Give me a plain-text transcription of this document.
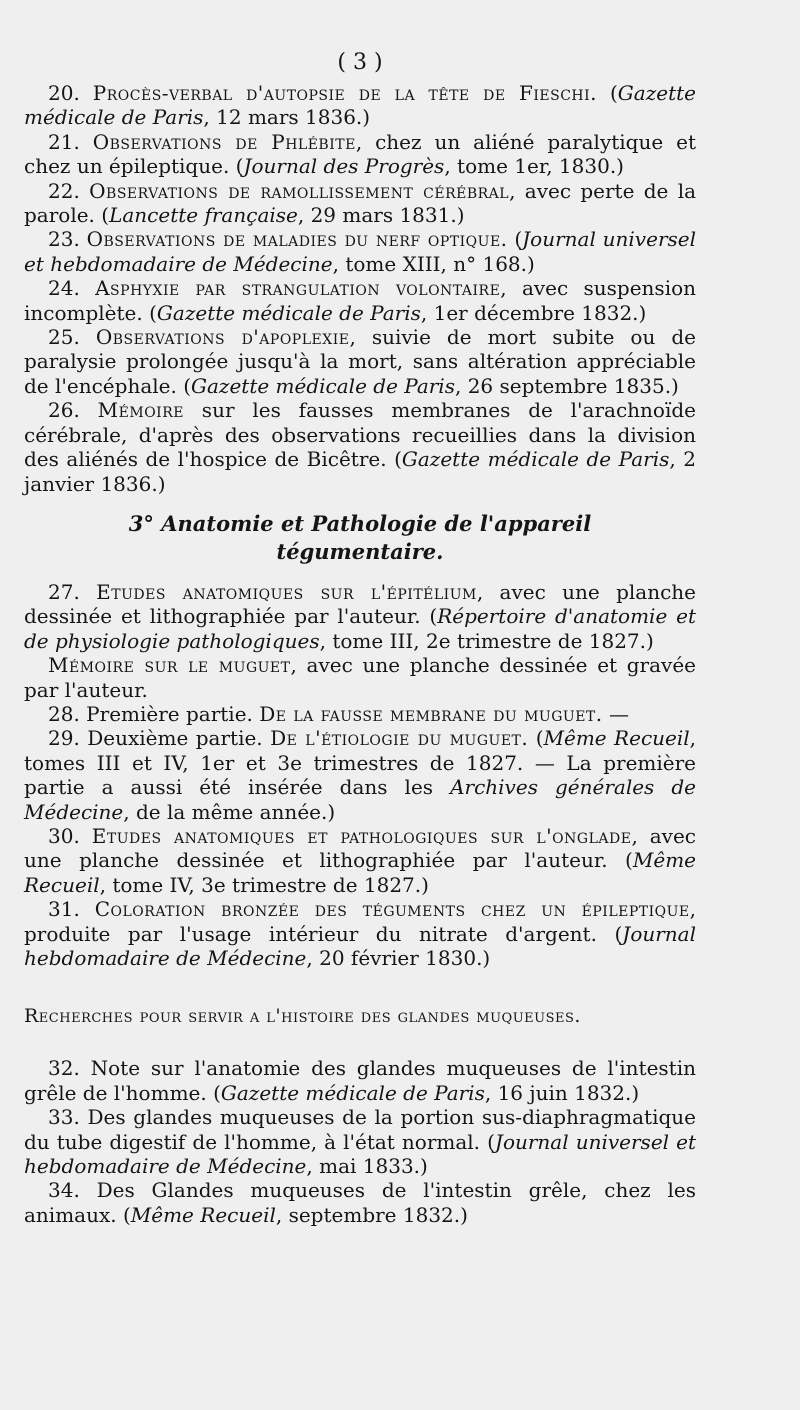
( 3 )

20. Procès-verbal d'autopsie de la tête de Fieschi. (Gazette médicale de Paris, 12 mars 1836.)

21. Observations de Phlébite, chez un aliéné paralytique et chez un épileptique. (Journal des Progrès, tome 1er, 1830.)

22. Observations de ramollissement cérébral, avec perte de la parole. (Lancette française, 29 mars 1831.)

23. Observations de maladies du nerf optique. (Journal universel et hebdomadaire de Médecine, tome XIII, n° 168.)

24. Asphyxie par strangulation volontaire, avec suspension incomplète. (Gazette médicale de Paris, 1er décembre 1832.)

25. Observations d'apoplexie, suivie de mort subite ou de paralysie prolongée jusqu'à la mort, sans altération appréciable de l'encéphale. (Gazette médicale de Paris, 26 septembre 1835.)

26. Mémoire sur les fausses membranes de l'arachnoïde cérébrale, d'après des observations recueillies dans la division des aliénés de l'hospice de Bicêtre. (Gazette médicale de Paris, 2 janvier 1836.)

3° Anatomie et Pathologie de l'appareil
tégumentaire.

27. Etudes anatomiques sur l'épitélium, avec une planche dessinée et lithographiée par l'auteur. (Répertoire d'anatomie et de physiologie pathologiques, tome III, 2e trimestre de 1827.)

Mémoire sur le muguet, avec une planche dessinée et gravée par l'auteur.

28. Première partie. De la fausse membrane du muguet. —

29. Deuxième partie. De l'étiologie du muguet. (Même Recueil, tomes III et IV, 1er et 3e trimestres de 1827. — La première partie a aussi été insérée dans les Archives générales de Médecine, de la même année.)

30. Etudes anatomiques et pathologiques sur l'onglade, avec une planche dessinée et lithographiée par l'auteur. (Même Recueil, tome IV, 3e trimestre de 1827.)

31. Coloration bronzée des téguments chez un épileptique, produite par l'usage intérieur du nitrate d'argent. (Journal hebdomadaire de Médecine, 20 février 1830.)

Recherches pour servir a l'histoire des glandes muqueuses.

32. Note sur l'anatomie des glandes muqueuses de l'intestin grêle de l'homme. (Gazette médicale de Paris, 16 juin 1832.)

33. Des glandes muqueuses de la portion sus-diaphragmatique du tube digestif de l'homme, à l'état normal. (Journal universel et hebdomadaire de Médecine, mai 1833.)

34. Des Glandes muqueuses de l'intestin grêle, chez les animaux. (Même Recueil, septembre 1832.)
